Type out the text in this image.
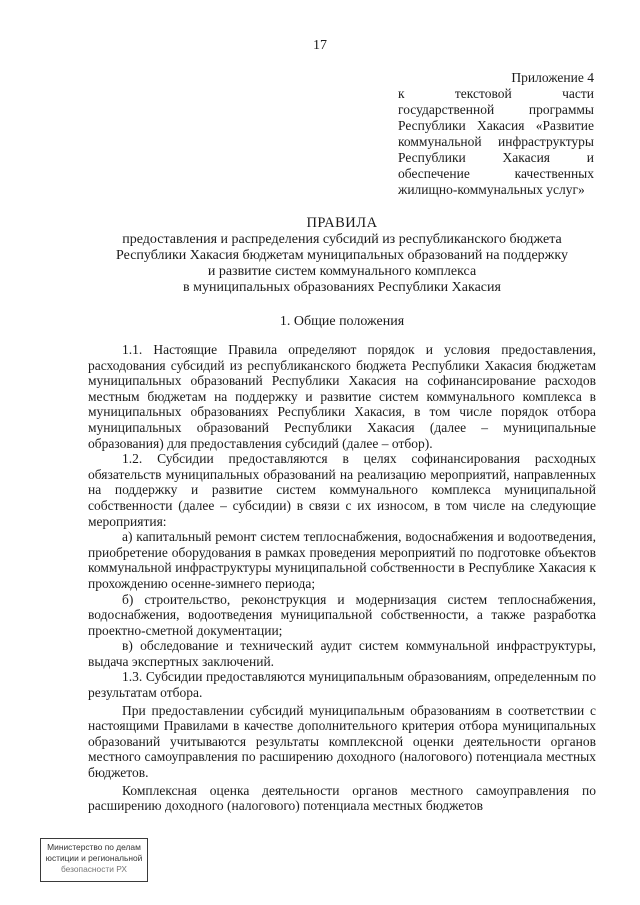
17
Приложение 4
к текстовой части государственной программы Республики Хакасия «Развитие коммунальной инфраструктуры Республики Хакасия и обеспечение качественных жилищно-коммунальных услуг»
ПРАВИЛА
предоставления и распределения субсидий из республиканского бюджета
Республики Хакасия бюджетам муниципальных образований на поддержку
и развитие систем коммунального комплекса
в муниципальных образованиях Республики Хакасия
1. Общие положения

1.1. Настоящие Правила определяют порядок и условия предоставления, расходования субсидий из республиканского бюджета Республики Хакасия бюджетам муниципальных образований Республики Хакасия на софинансирование расходов местным бюджетам на поддержку и развитие систем коммунального комплекса в муниципальных образованиях Республики Хакасия, в том числе порядок отбора муниципальных образований Республики Хакасия (далее – муниципальные образования) для предоставления субсидий (далее – отбор).

1.2. Субсидии предоставляются в целях софинансирования расходных обязательств муниципальных образований на реализацию мероприятий, направленных на поддержку и развитие систем коммунального комплекса муниципальной собственности (далее – субсидии) в связи с их износом, в том числе на следующие мероприятия:

а) капитальный ремонт систем теплоснабжения, водоснабжения и водоотведения, приобретение оборудования в рамках проведения мероприятий по подготовке объектов коммунальной инфраструктуры муниципальной собственности в Республике Хакасия к прохождению осенне-зимнего периода;

б) строительство, реконструкция и модернизация систем теплоснабжения, водоснабжения, водоотведения муниципальной собственности, а также разработка проектно-сметной документации;

в) обследование и технический аудит систем коммунальной инфраструктуры, выдача экспертных заключений.

1.3. Субсидии предоставляются муниципальным образованиям, определенным по результатам отбора.

При предоставлении субсидий муниципальным образованиям в соответствии с настоящими Правилами в качестве дополнительного критерия отбора муниципальных образований учитываются результаты комплексной оценки деятельности органов местного самоуправления по расширению доходного (налогового) потенциала местных бюджетов.

Комплексная оценка деятельности органов местного самоуправления по расширению доходного (налогового) потенциала местных бюджетов

Министерство по делам
юстиции и региональной
безопасности РХ
